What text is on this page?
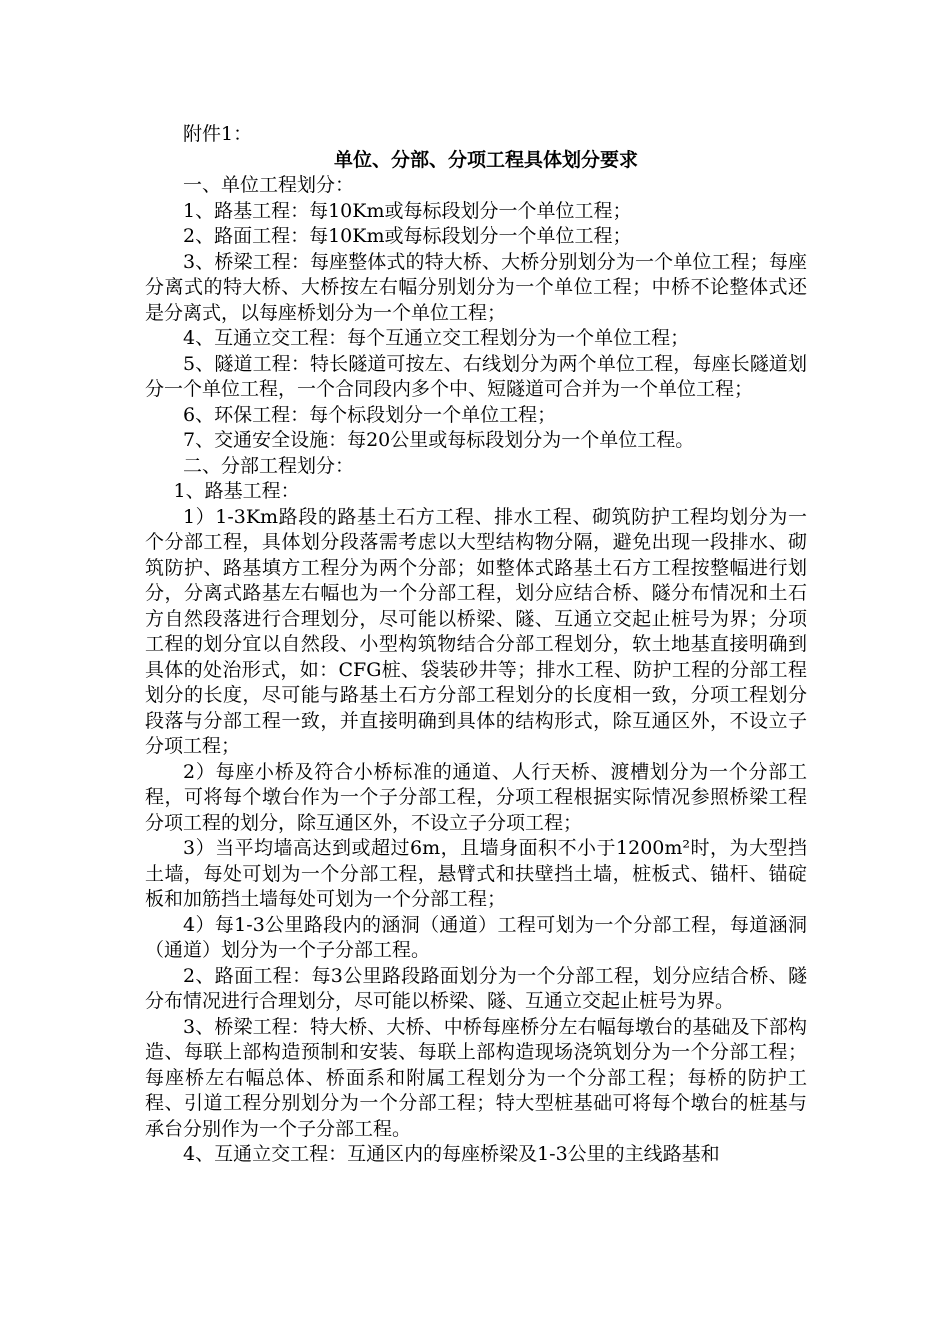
附件1：

单位、分部、分项工程具体划分要求

一、单位工程划分：

1、路基工程：每10Km或每标段划分一个单位工程；

2、路面工程：每10Km或每标段划分一个单位工程；

3、桥梁工程：每座整体式的特大桥、大桥分别划分为一个单位工程；每座分离式的特大桥、大桥按左右幅分别划分为一个单位工程；中桥不论整体式还是分离式，以每座桥划分为一个单位工程；

4、互通立交工程：每个互通立交工程划分为一个单位工程；

5、隧道工程：特长隧道可按左、右线划分为两个单位工程，每座长隧道划分一个单位工程，一个合同段内多个中、短隧道可合并为一个单位工程；

6、环保工程：每个标段划分一个单位工程；

7、交通安全设施：每20公里或每标段划分为一个单位工程。

二、分部工程划分：

1、路基工程：

1）1-3Km路段的路基土石方工程、排水工程、砌筑防护工程均划分为一个分部工程，具体划分段落需考虑以大型结构物分隔，避免出现一段排水、砌筑防护、路基填方工程分为两个分部；如整体式路基土石方工程按整幅进行划分，分离式路基左右幅也为一个分部工程，划分应结合桥、隧分布情况和土石方自然段落进行合理划分，尽可能以桥梁、隧、互通立交起止桩号为界；分项工程的划分宜以自然段、小型构筑物结合分部工程划分，软土地基直接明确到具体的处治形式，如：CFG桩、袋装砂井等；排水工程、防护工程的分部工程划分的长度，尽可能与路基土石方分部工程划分的长度相一致，分项工程划分段落与分部工程一致，并直接明确到具体的结构形式，除互通区外，不设立子分项工程；

2）每座小桥及符合小桥标准的通道、人行天桥、渡槽划分为一个分部工程，可将每个墩台作为一个子分部工程，分项工程根据实际情况参照桥梁工程分项工程的划分，除互通区外，不设立子分项工程；

3）当平均墙高达到或超过6m，且墙身面积不小于1200m²时，为大型挡土墙，每处可划为一个分部工程，悬臂式和扶壁挡土墙，桩板式、锚杆、锚碇板和加筋挡土墙每处可划为一个分部工程；

4）每1-3公里路段内的涵洞（通道）工程可划为一个分部工程，每道涵洞（通道）划分为一个子分部工程。

2、路面工程：每3公里路段路面划分为一个分部工程，划分应结合桥、隧分布情况进行合理划分，尽可能以桥梁、隧、互通立交起止桩号为界。

3、桥梁工程：特大桥、大桥、中桥每座桥分左右幅每墩台的基础及下部构造、每联上部构造预制和安装、每联上部构造现场浇筑划分为一个分部工程；每座桥左右幅总体、桥面系和附属工程划分为一个分部工程；每桥的防护工程、引道工程分别划分为一个分部工程；特大型桩基础可将每个墩台的桩基与承台分别作为一个子分部工程。

4、互通立交工程：互通区内的每座桥梁及1-3公里的主线路基和
